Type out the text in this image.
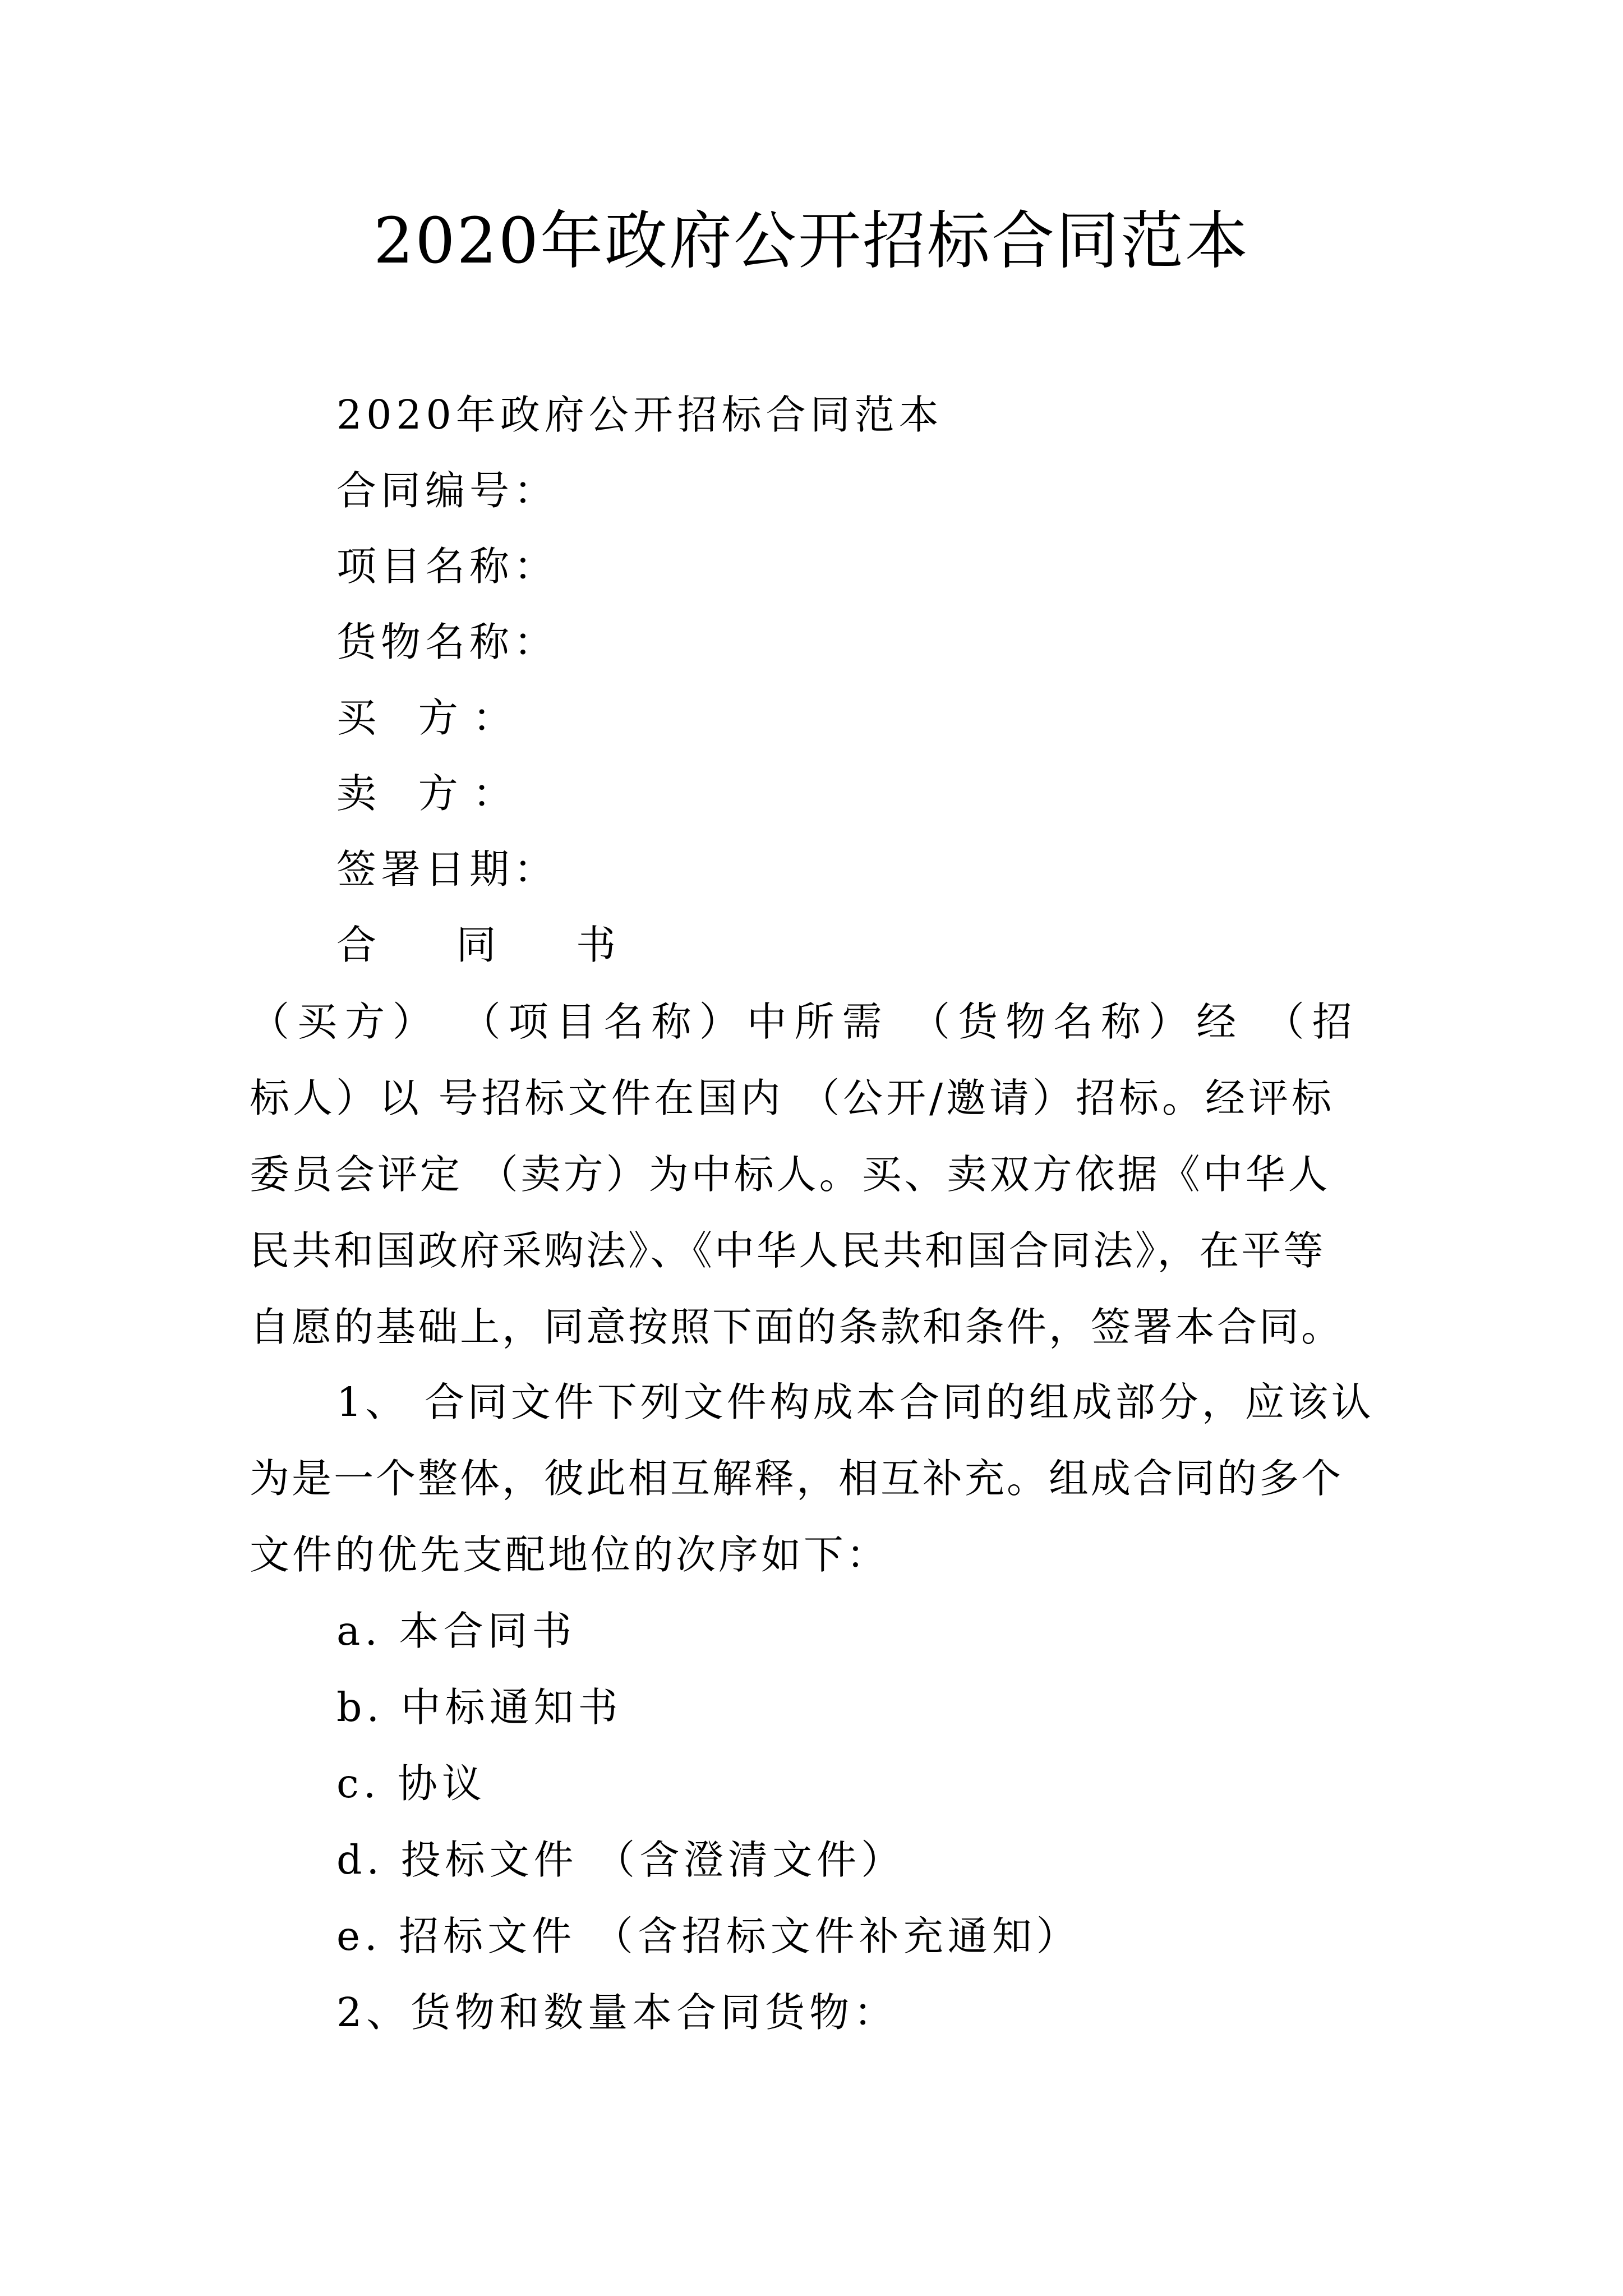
2020年政府公开招标合同范本
2020年政府公开招标合同范本
合同编号：
项目名称：
货物名称：
买 方：
卖 方：
签署日期：
合 同 书
（买方） （项目名称）中所需 （货物名称）经 （招
标人）以 号招标文件在国内 （公开/邀请）招标。经评标
委员会评定 （卖方）为中标人。买、卖双方依据《中华人
民共和国政府采购法》、《中华人民共和国合同法》，在平等
自愿的基础上，同意按照下面的条款和条件，签署本合同。
1、 合同文件下列文件构成本合同的组成部分，应该认
为是一个整体，彼此相互解释，相互补充。组成合同的多个
文件的优先支配地位的次序如下：
a. 本合同书
b. 中标通知书
c. 协议
d. 投标文件 （含澄清文件）
e. 招标文件 （含招标文件补充通知）
2、货物和数量本合同货物：
